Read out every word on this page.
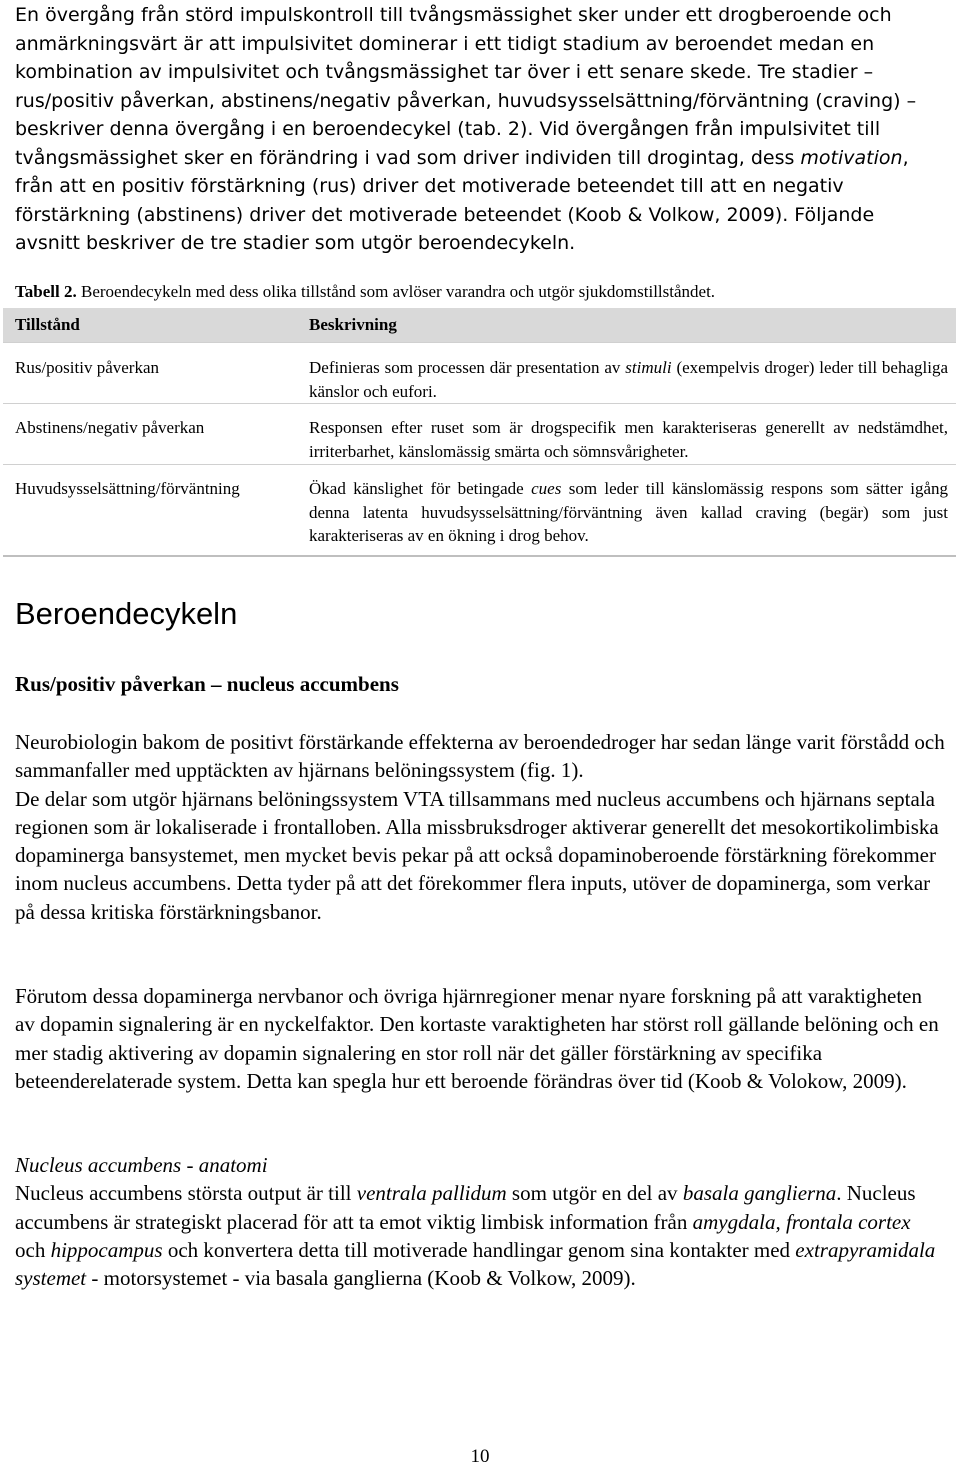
En övergång från störd impulskontroll till tvångsmässighet sker under ett drogberoende och anmärkningsvärt är att impulsivitet dominerar i ett tidigt stadium av beroendet medan en kombination av impulsivitet och tvångsmässighet tar över i ett senare skede. Tre stadier – rus/positiv påverkan, abstinens/negativ påverkan, huvudsysselsättning/förväntning (craving) – beskriver denna övergång i en beroendecykel (tab. 2). Vid övergången från impulsivitet till tvångsmässighet sker en förändring i vad som driver individen till drogintag, dess motivation, från att en positiv förstärkning (rus) driver det motiverade beteendet till att en negativ förstärkning (abstinens) driver det motiverade beteendet (Koob & Volkow, 2009). Följande avsnitt beskriver de tre stadier som utgör beroendecykeln.

Tabell 2. Beroendecykeln med dess olika tillstånd som avlöser varandra och utgör sjukdomstillståndet.

Tillstånd	Beskrivning
Rus/positiv påverkan	Definieras som processen där presentation av stimuli (exempelvis droger) leder till behagliga känslor och eufori.

Abstinens/negativ påverkan	Responsen efter ruset som är drogspecifik men karakteriseras generellt av nedstämdhet, irriterbarhet, känslomässig smärta och sömnsvårigheter.

Huvudsysselsättning/förväntning	Ökad känslighet för betingade cues som leder till känslomässig respons som sätter igång denna latenta huvudsysselsättning/förväntning även kallad craving (begär) som just karakteriseras av en ökning i drog behov.
Beroendecykeln
Rus/positiv påverkan – nucleus accumbens
Neurobiologin bakom de positivt förstärkande effekterna av beroendedroger har sedan länge varit förstådd och sammanfaller med upptäckten av hjärnans belöningssystem (fig. 1).
De delar som utgör hjärnans belöningssystem VTA tillsammans med nucleus accumbens och hjärnans septala regionen som är lokaliserade i frontalloben. Alla missbruksdroger aktiverar generellt det mesokortikolimbiska dopaminerga bansystemet, men mycket bevis pekar på att också dopaminoberoende förstärkning förekommer inom nucleus accumbens. Detta tyder på att det förekommer flera inputs, utöver de dopaminerga, som verkar på dessa kritiska förstärkningsbanor.

Förutom dessa dopaminerga nervbanor och övriga hjärnregioner menar nyare forskning på att varaktigheten av dopamin signalering är en nyckelfaktor. Den kortaste varaktigheten har störst roll gällande belöning och en mer stadig aktivering av dopamin signalering en stor roll när det gäller förstärkning av specifika beteenderelaterade system. Detta kan spegla hur ett beroende förändras över tid (Koob & Volokow, 2009).

Nucleus accumbens - anatomi
Nucleus accumbens största output är till ventrala pallidum som utgör en del av basala ganglierna. Nucleus accumbens är strategiskt placerad för att ta emot viktig limbisk information från amygdala, frontala cortex och hippocampus och konvertera detta till motiverade handlingar genom sina kontakter med extrapyramidala systemet - motorsystemet - via basala ganglierna (Koob & Volkow, 2009).

10
